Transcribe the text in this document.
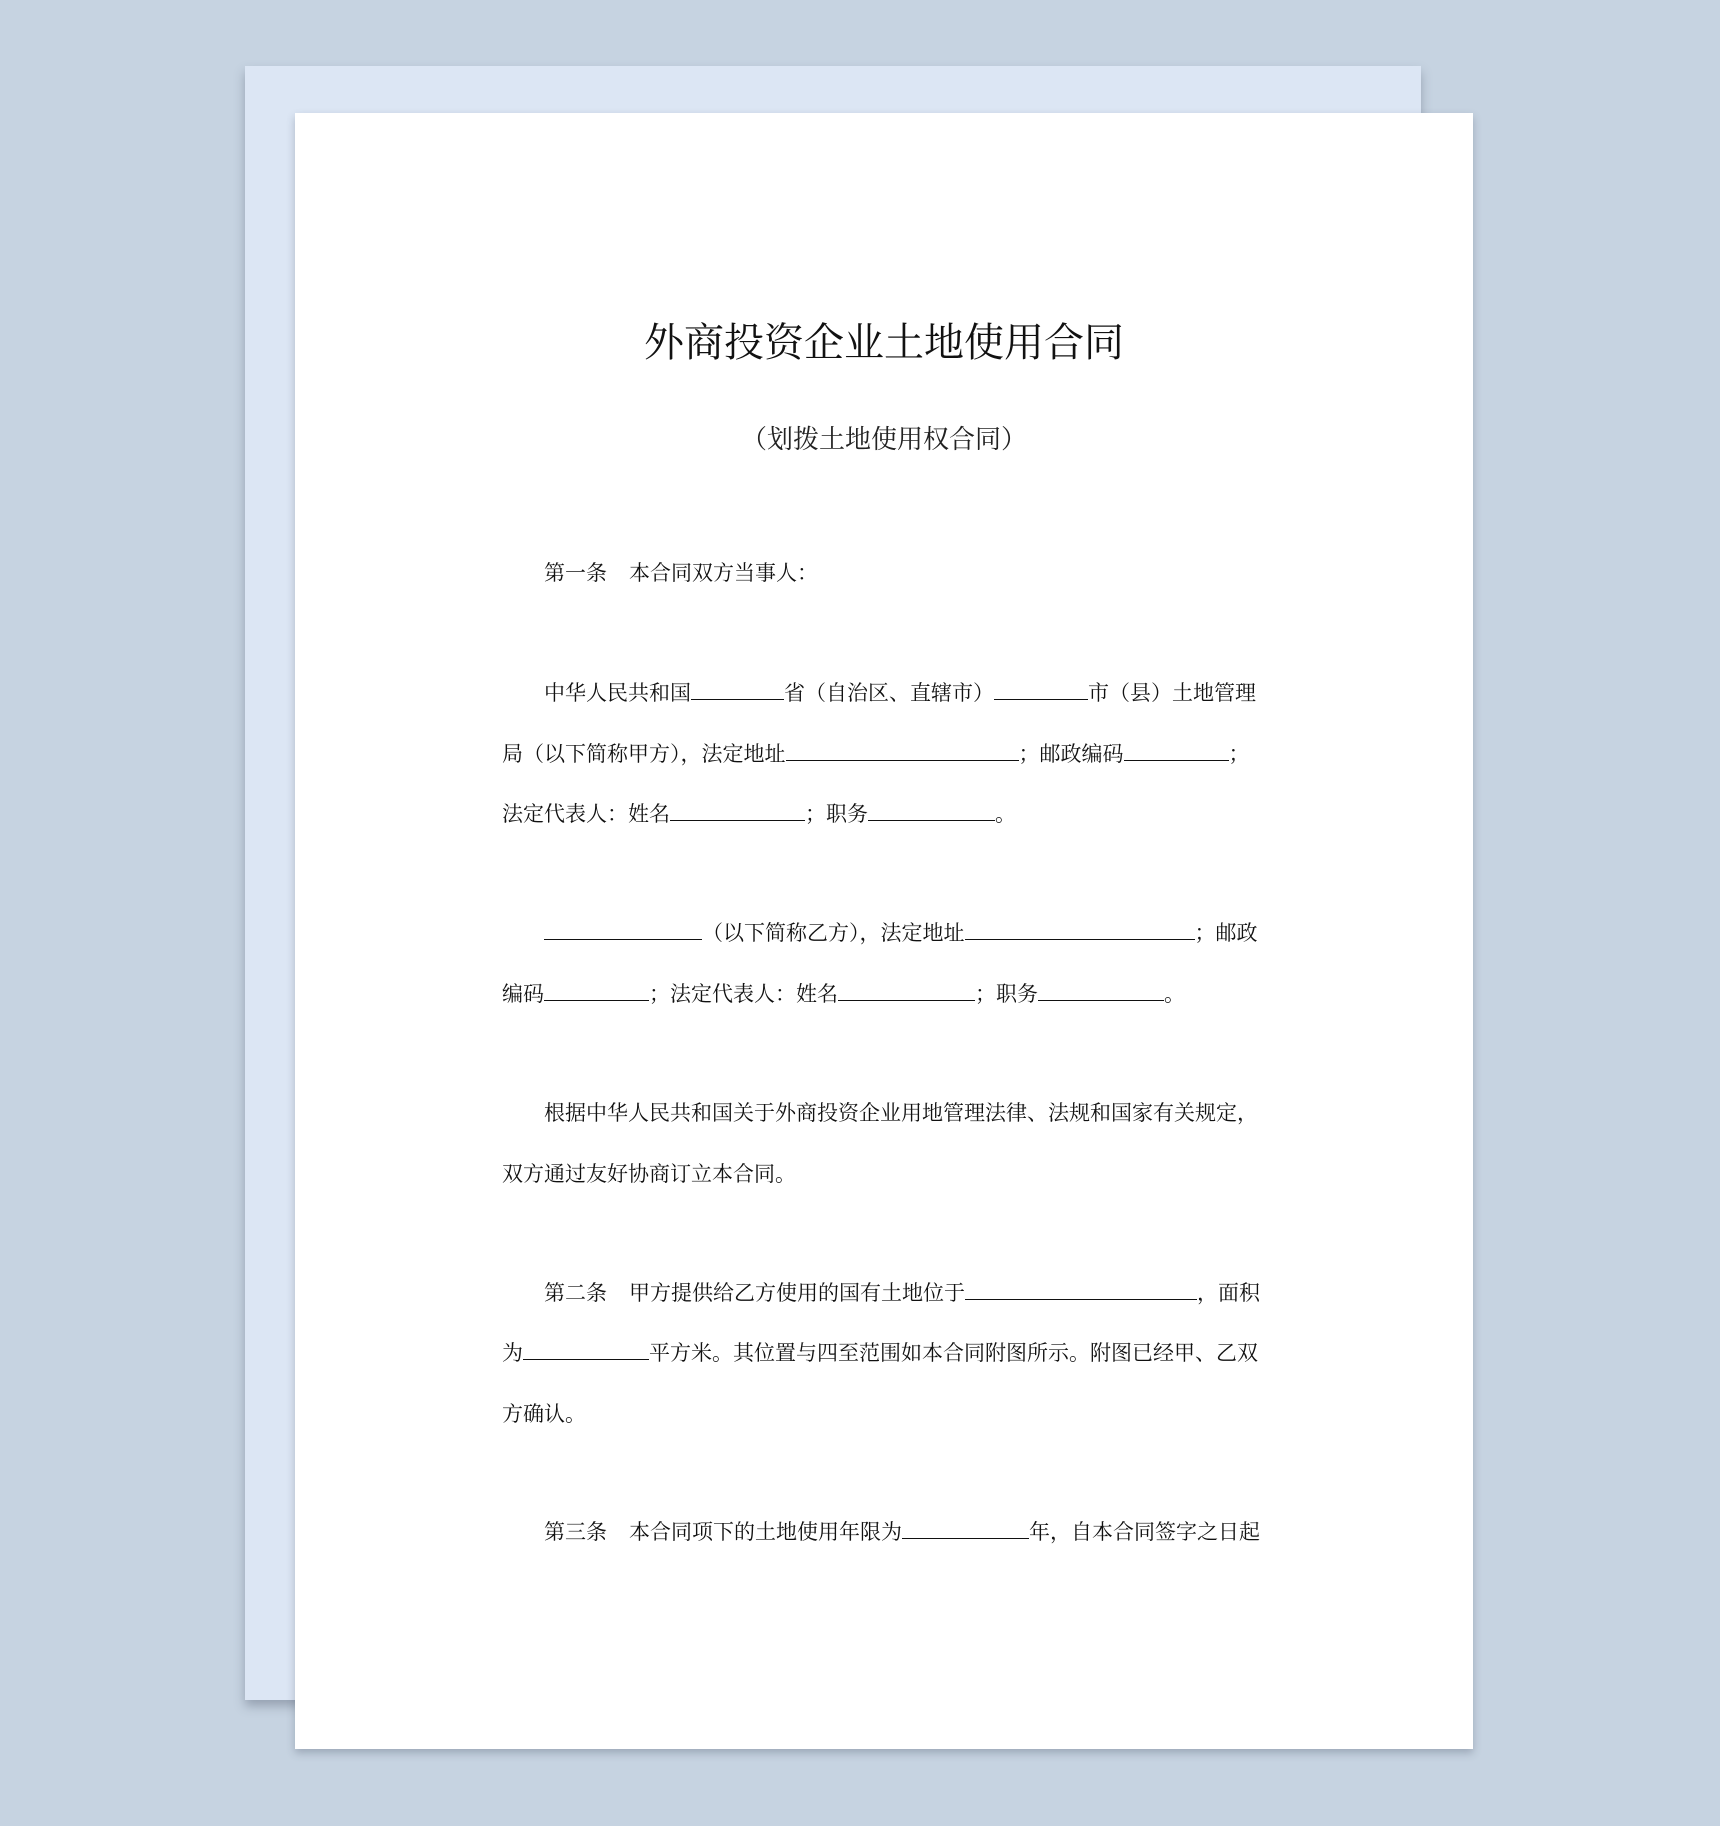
外商投资企业土地使用合同
（划拨土地使用权合同）
第一条 本合同双方当事人：
中华人民共和国	省（自治区、直辖市）	市（县）土地管理
局（以下简称甲方），法定地址	；邮政编码	；
法定代表人：姓名	；职务	。
（以下简称乙方），法定地址	；邮政
编码	；法定代表人：姓名	；职务	。
根据中华人民共和国关于外商投资企业用地管理法律、法规和国家有关规定，
双方通过友好协商订立本合同。
第二条 甲方提供给乙方使用的国有土地位于	，面积
为	平方米。其位置与四至范围如本合同附图所示。附图已经甲、乙双
方确认。
第三条 本合同项下的土地使用年限为	年，自本合同签字之日起
